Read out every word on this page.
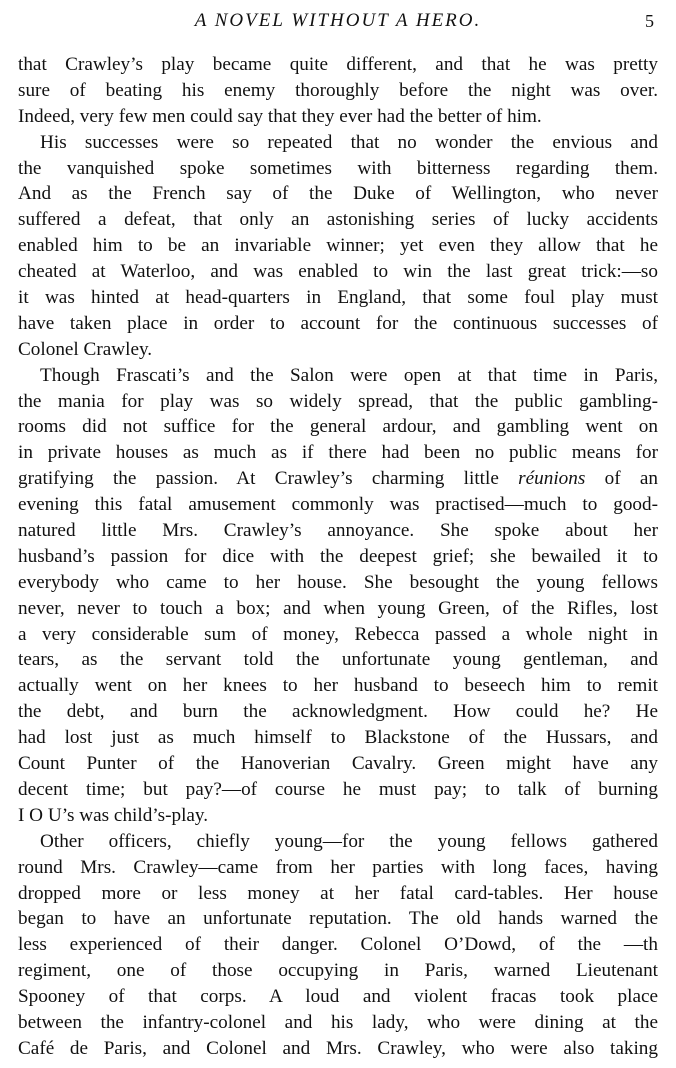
A NOVEL WITHOUT A HERO.	5
that Crawley’s play became quite different, and that he was pretty
sure of beating his enemy thoroughly before the night was over.
Indeed, very few men could say that they ever had the better of him.
His successes were so repeated that no wonder the envious and
the vanquished spoke sometimes with bitterness regarding them.
And as the French say of the Duke of Wellington, who never
suffered a defeat, that only an astonishing series of lucky accidents
enabled him to be an invariable winner; yet even they allow that he
cheated at Waterloo, and was enabled to win the last great trick:—so
it was hinted at head-quarters in England, that some foul play must
have taken place in order to account for the continuous successes of
Colonel Crawley.
Though Frascati’s and the Salon were open at that time in Paris,
the mania for play was so widely spread, that the public gambling-
rooms did not suffice for the general ardour, and gambling went on
in private houses as much as if there had been no public means for
gratifying the passion. At Crawley’s charming little réunions of an
evening this fatal amusement commonly was practised—much to good-
natured little Mrs. Crawley’s annoyance. She spoke about her
husband’s passion for dice with the deepest grief; she bewailed it to
everybody who came to her house. She besought the young fellows
never, never to touch a box; and when young Green, of the Rifles, lost
a very considerable sum of money, Rebecca passed a whole night in
tears, as the servant told the unfortunate young gentleman, and
actually went on her knees to her husband to beseech him to remit
the debt, and burn the acknowledgment. How could he? He
had lost just as much himself to Blackstone of the Hussars, and
Count Punter of the Hanoverian Cavalry. Green might have any
decent time; but pay?—of course he must pay; to talk of burning
I O U’s was child’s-play.
Other officers, chiefly young—for the young fellows gathered
round Mrs. Crawley—came from her parties with long faces, having
dropped more or less money at her fatal card-tables. Her house
began to have an unfortunate reputation. The old hands warned the
less experienced of their danger. Colonel O’Dowd, of the —th
regiment, one of those occupying in Paris, warned Lieutenant
Spooney of that corps. A loud and violent fracas took place
between the infantry-colonel and his lady, who were dining at the
Café de Paris, and Colonel and Mrs. Crawley, who were also taking
